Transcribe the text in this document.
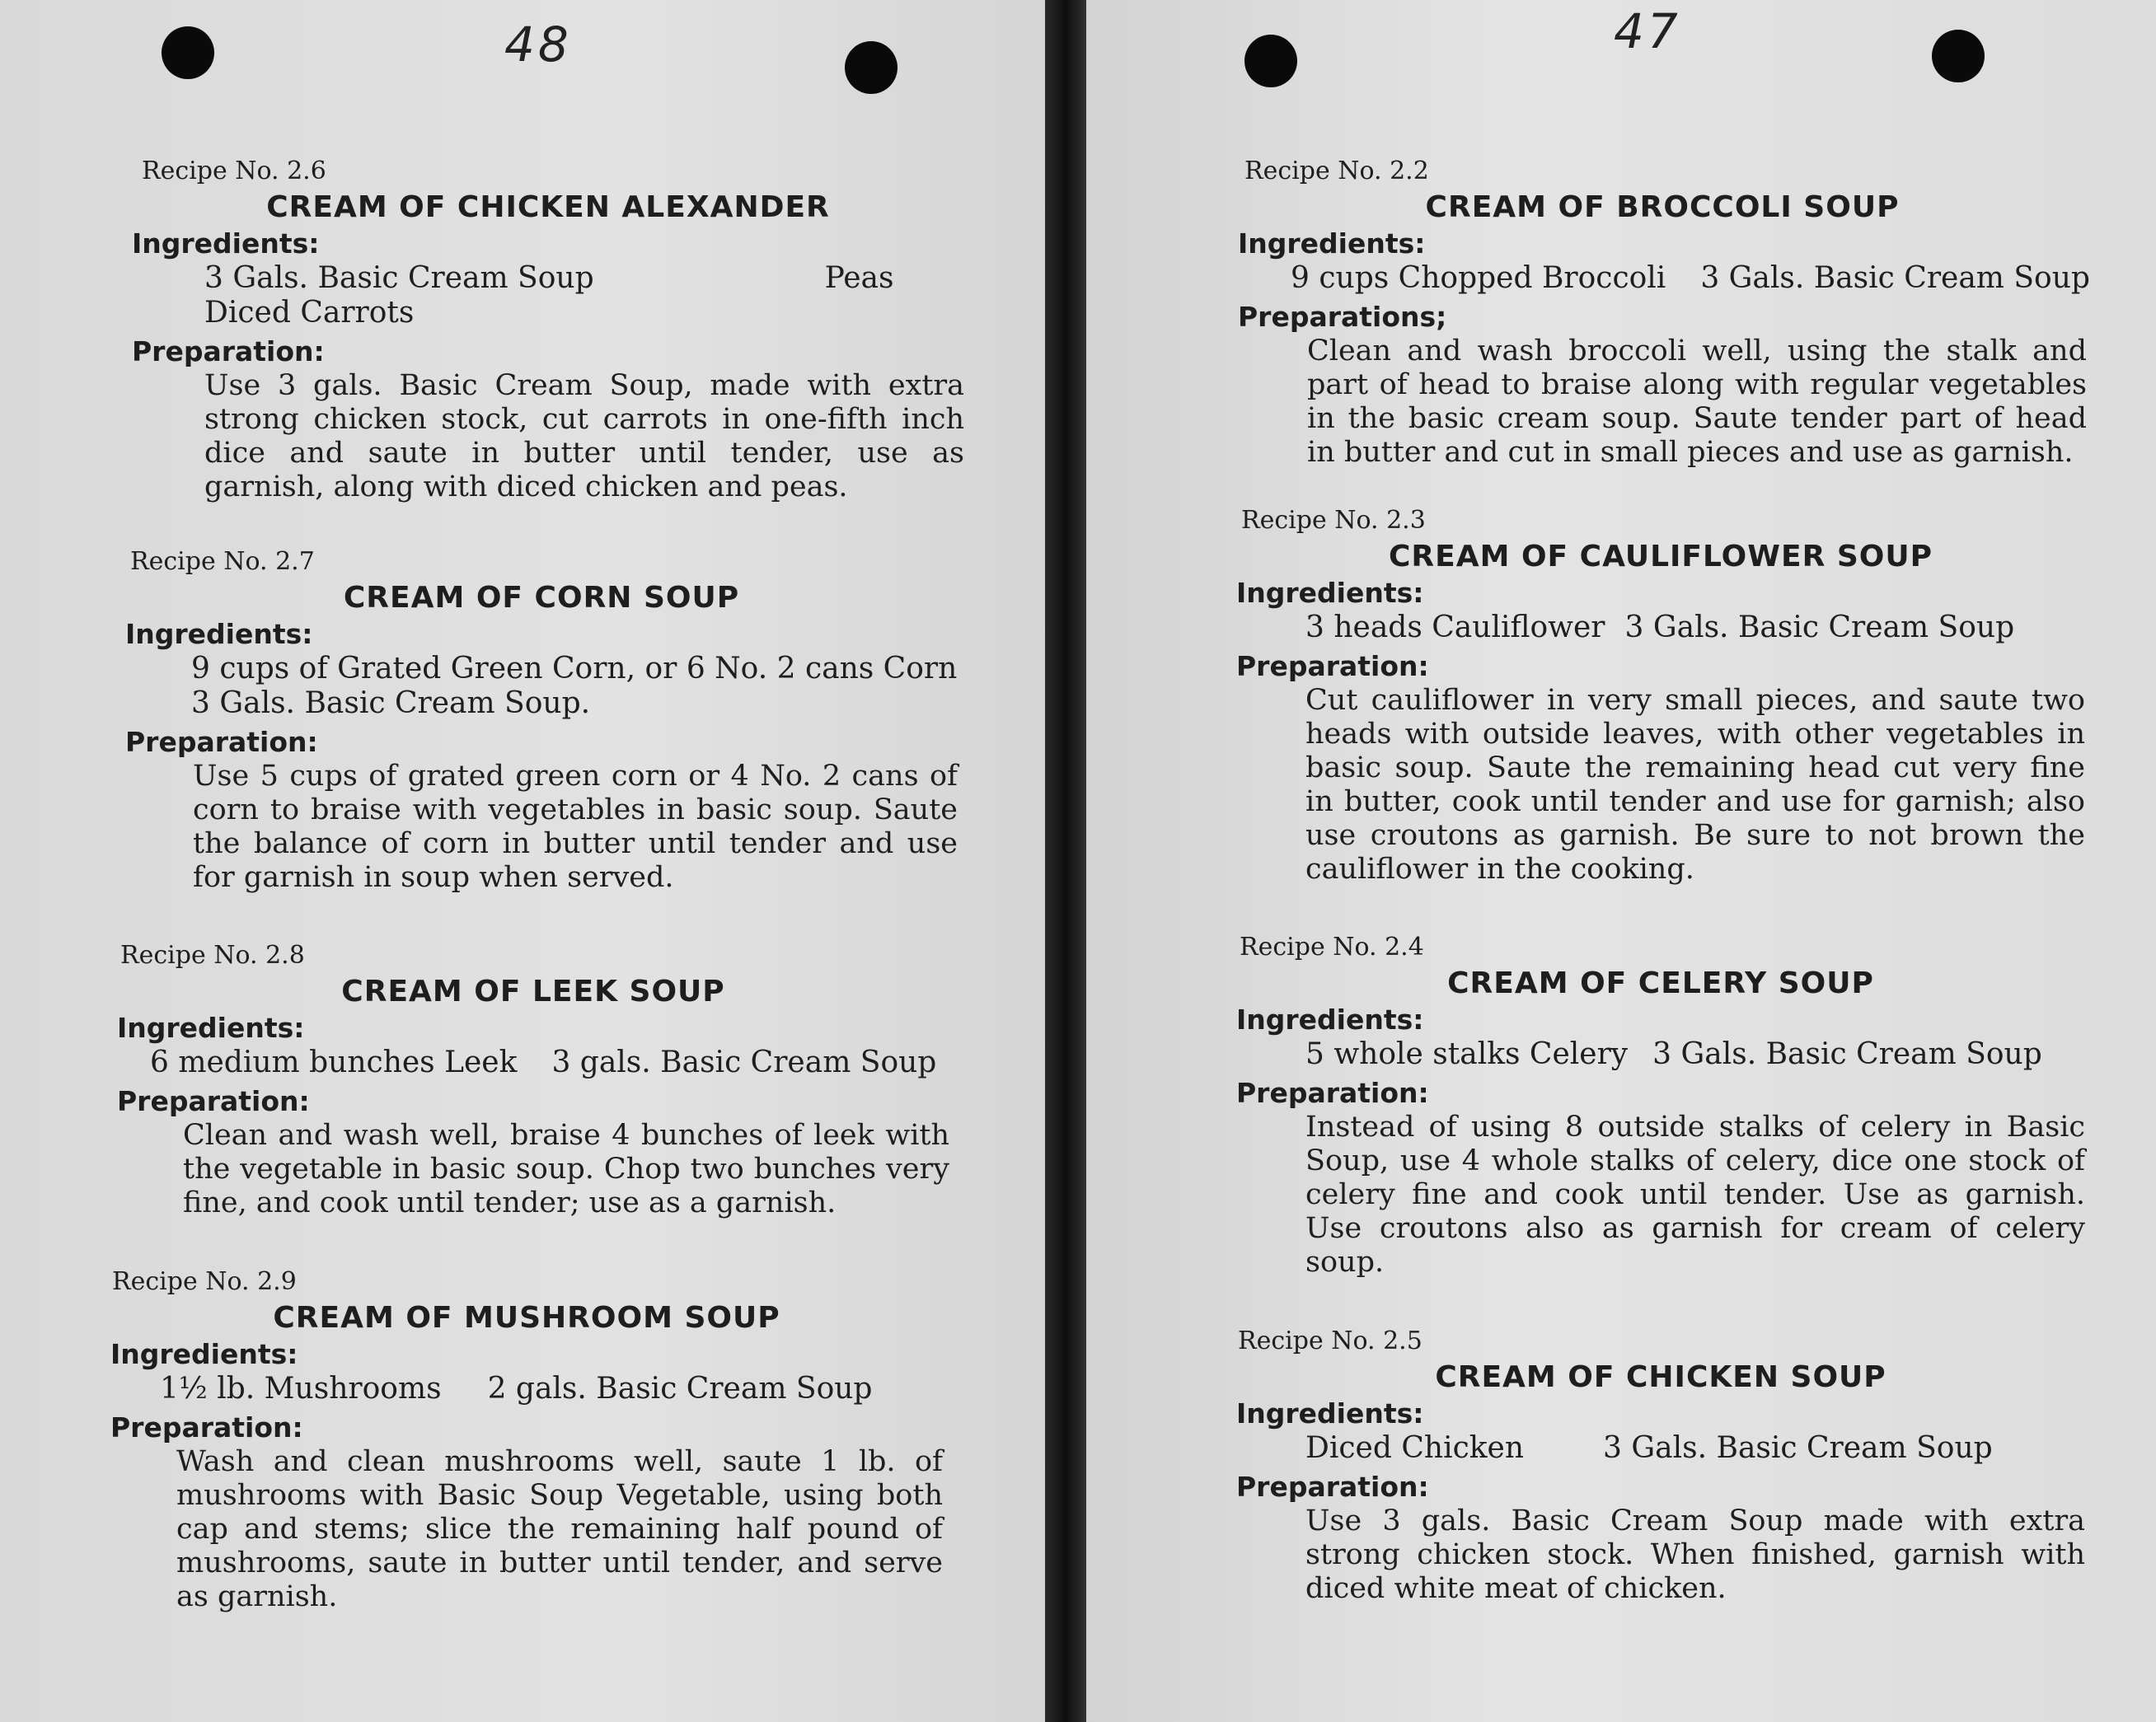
48

Recipe No. 2.6

CREAM OF CHICKEN ALEXANDER

Ingredients:

3 Gals. Basic Cream Soup	Peas
Diced Carrots

Preparation:

Use 3 gals. Basic Cream Soup, made with extra strong chicken stock, cut carrots in one-fifth inch dice and saute in butter until tender, use as garnish, along with diced chicken and peas.

Recipe No. 2.7

CREAM OF CORN SOUP

Ingredients:

9 cups of Grated Green Corn, or 6 No. 2 cans Corn
3 Gals. Basic Cream Soup.

Preparation:

Use 5 cups of grated green corn or 4 No. 2 cans of corn to braise with vegetables in basic soup. Saute the balance of corn in butter until tender and use for garnish in soup when served.

Recipe No. 2.8

CREAM OF LEEK SOUP

Ingredients:

6 medium bunches Leek 3 gals. Basic Cream Soup

Preparation:

Clean and wash well, braise 4 bunches of leek with the vegetable in basic soup. Chop two bunches very fine, and cook until tender; use as a garnish.

Recipe No. 2.9

CREAM OF MUSHROOM SOUP

Ingredients:

1½ lb. Mushrooms 2 gals. Basic Cream Soup

Preparation:

Wash and clean mushrooms well, saute 1 lb. of mushrooms with Basic Soup Vegetable, using both cap and stems; slice the remaining half pound of mushrooms, saute in butter until tender, and serve as garnish.

47

Recipe No. 2.2

CREAM OF BROCCOLI SOUP

Ingredients:

9 cups Chopped Broccoli 3 Gals. Basic Cream Soup

Preparations;

Clean and wash broccoli well, using the stalk and part of head to braise along with regular vegetables in the basic cream soup. Saute tender part of head in butter and cut in small pieces and use as garnish.

Recipe No. 2.3

CREAM OF CAULIFLOWER SOUP

Ingredients:

3 heads Cauliflower 3 Gals. Basic Cream Soup

Preparation:

Cut cauliflower in very small pieces, and saute two heads with outside leaves, with other vegetables in basic soup. Saute the remaining head cut very fine in butter, cook until tender and use for garnish; also use croutons as garnish. Be sure to not brown the cauliflower in the cooking.

Recipe No. 2.4

CREAM OF CELERY SOUP

Ingredients:

5 whole stalks Celery 3 Gals. Basic Cream Soup

Preparation:

Instead of using 8 outside stalks of celery in Basic Soup, use 4 whole stalks of celery, dice one stock of celery fine and cook until tender. Use as garnish. Use croutons also as garnish for cream of celery soup.

Recipe No. 2.5

CREAM OF CHICKEN SOUP

Ingredients:

Diced Chicken	3 Gals. Basic Cream Soup

Preparation:

Use 3 gals. Basic Cream Soup made with extra strong chicken stock. When finished, garnish with diced white meat of chicken.
